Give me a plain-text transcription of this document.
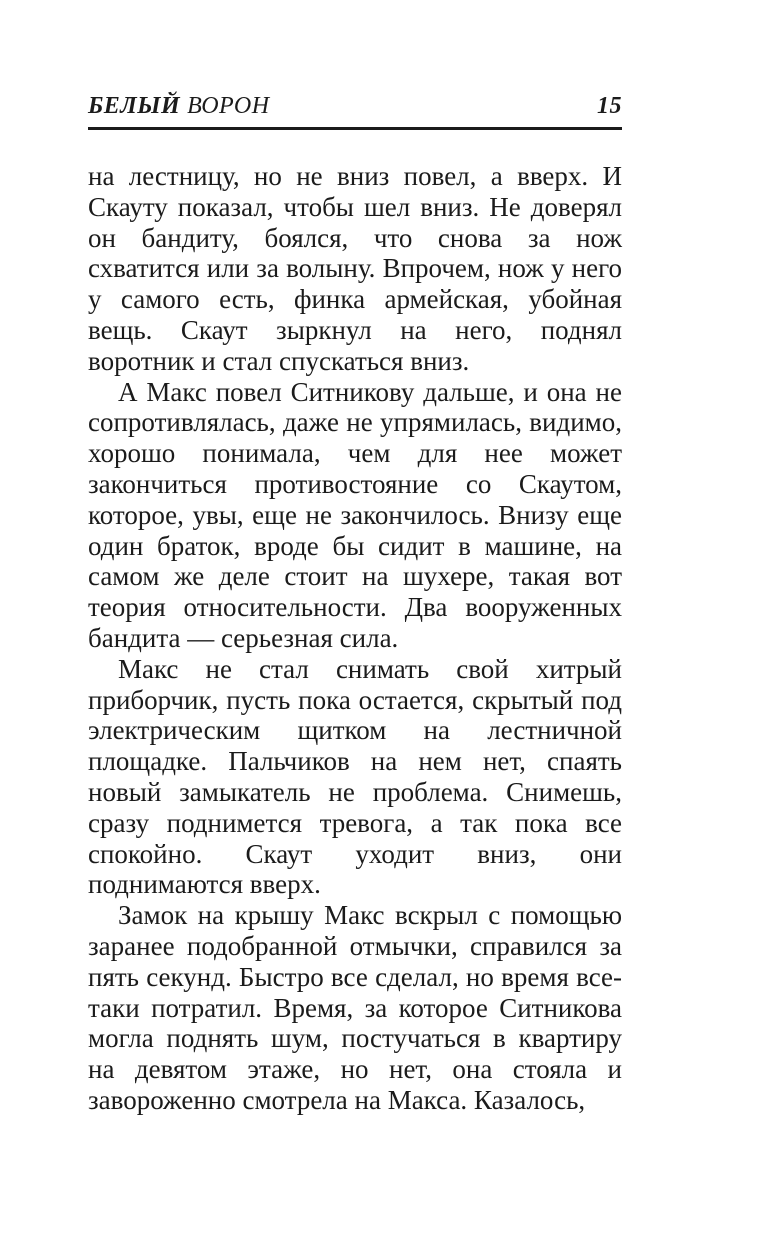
БЕЛЫЙ ВОРОН	15

на лестницу, но не вниз повел, а вверх. И Скауту показал, чтобы шел вниз. Не доверял он бандиту, боялся, что снова за нож схватится или за волыну. Впрочем, нож у него у самого есть, финка армейская, убойная вещь. Скаут зыркнул на него, поднял воротник и стал спускаться вниз.

А Макс повел Ситникову дальше, и она не сопротивлялась, даже не упрямилась, видимо, хорошо понимала, чем для нее может закончиться противостояние со Скаутом, которое, увы, еще не закончилось. Внизу еще один браток, вроде бы сидит в машине, на самом же деле стоит на шухере, такая вот теория относительности. Два вооруженных бандита — серьезная сила.

Макс не стал снимать свой хитрый приборчик, пусть пока остается, скрытый под электрическим щитком на лестничной площадке. Пальчиков на нем нет, спаять новый замыкатель не проблема. Снимешь, сразу поднимется тревога, а так пока все спокойно. Скаут уходит вниз, они поднимаются вверх.

Замок на крышу Макс вскрыл с помощью заранее подобранной отмычки, справился за пять секунд. Быстро все сделал, но время все-таки потратил. Время, за которое Ситникова могла поднять шум, постучаться в квартиру на девятом этаже, но нет, она стояла и завороженно смотрела на Макса. Казалось,
